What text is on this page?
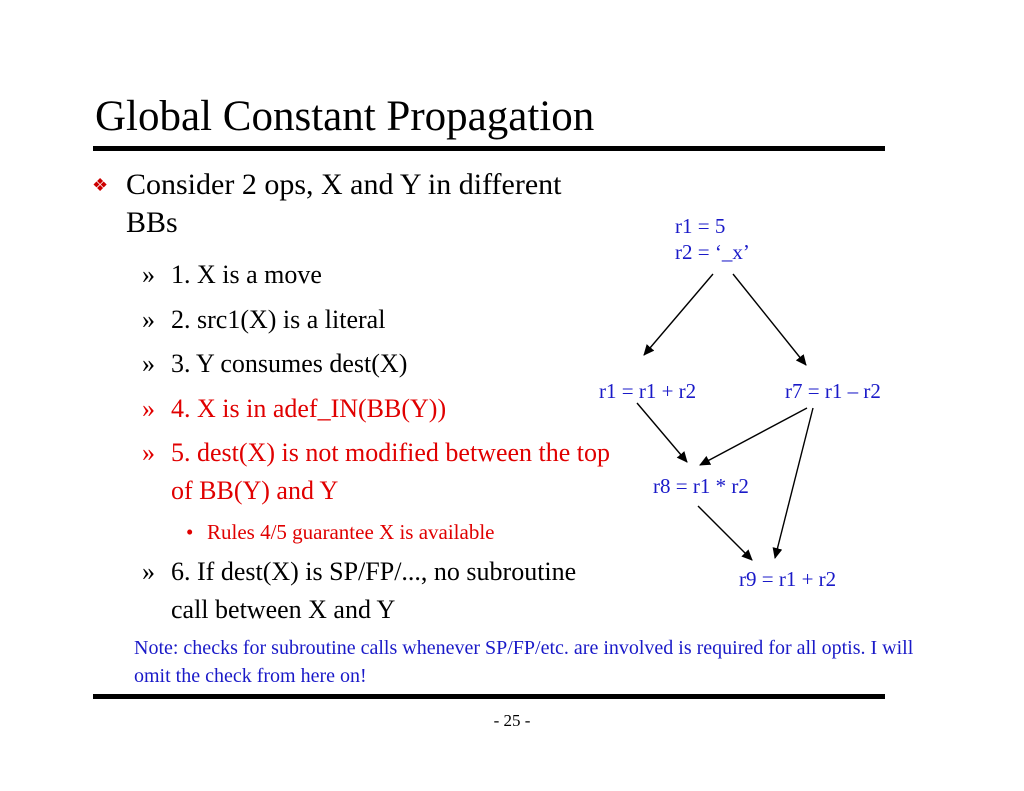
Global Constant Propagation
❖ Consider 2 ops, X and Y in different BBs
» 1. X is a move
» 2. src1(X) is a literal
» 3. Y consumes dest(X)
» 4. X is in adef_IN(BB(Y))
» 5. dest(X) is not modified between the top of BB(Y) and Y
• Rules 4/5 guarantee X is available
» 6. If dest(X) is SP/FP/..., no subroutine call between X and Y
r1 = 5
r2 = ‘_x’
r1 = r1 + r2	r7 = r1 – r2
r8 = r1 * r2
r9 = r1 + r2
Note: checks for subroutine calls whenever SP/FP/etc. are involved is required for all optis. I will omit the check from here on!
- 25 -
